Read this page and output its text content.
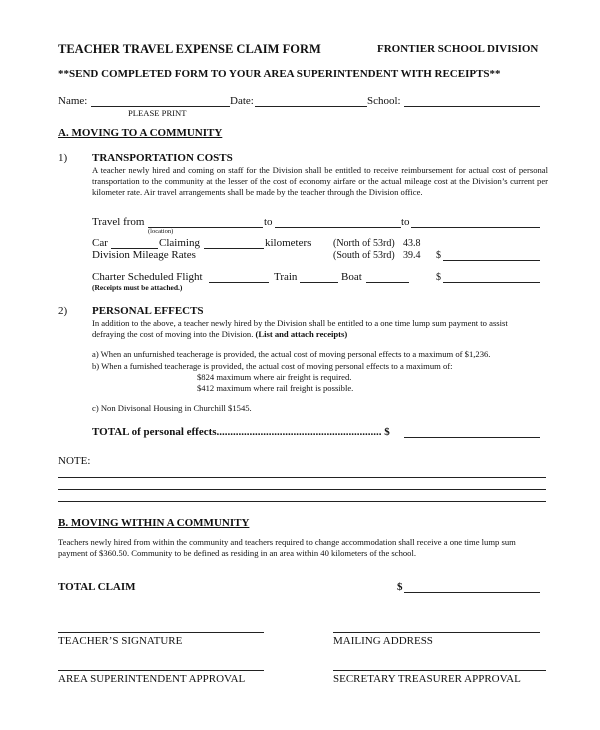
TEACHER TRAVEL EXPENSE CLAIM FORM	FRONTIER SCHOOL DIVISION
**SEND COMPLETED FORM TO YOUR AREA SUPERINTENDENT WITH RECEIPTS**
Name:
PLEASE PRINT
Date:	School:
A. MOVING TO A COMMUNITY
1) TRANSPORTATION COSTS
A teacher newly hired and coming on staff for the Division shall be entitled to receive reimbursement for actual cost of personal transportation to the community at the lesser of the cost of economy airfare or the actual mileage cost at the Division’s current per kilometer rate. Air travel arrangements shall be made by the teacher through the Division office.
Travel from	to	to
(location)
Car	Claiming	kilometers (North of 53rd) 43.8
Division Mileage Rates	(South of 53rd) 39.4 $
Charter Scheduled Flight	Train	Boat	$
(Receipts must be attached.)
2) PERSONAL EFFECTS
In addition to the above, a teacher newly hired by the Division shall be entitled to a one time lump sum payment to assist defraying the cost of moving into the Division. (List and attach receipts)
a) When an unfurnished teacherage is provided, the actual cost of moving personal effects to a maximum of $1,236.
b) When a furnished teacherage is provided, the actual cost of moving personal effects to a maximum of:
$824 maximum where air freight is required.
$412 maximum where rail freight is possible.
c) Non Divisonal Housing in Churchill $1545.
TOTAL of personal effects............................................................ $
NOTE:
B. MOVING WITHIN A COMMUNITY
Teachers newly hired from within the community and teachers required to change accommodation shall receive a one time lump sum payment of $360.50. Community to be defined as residing in an area within 40 kilometers of the school.
TOTAL CLAIM	$
TEACHER’S SIGNATURE	MAILING ADDRESS
AREA SUPERINTENDENT APPROVAL	SECRETARY TREASURER APPROVAL
